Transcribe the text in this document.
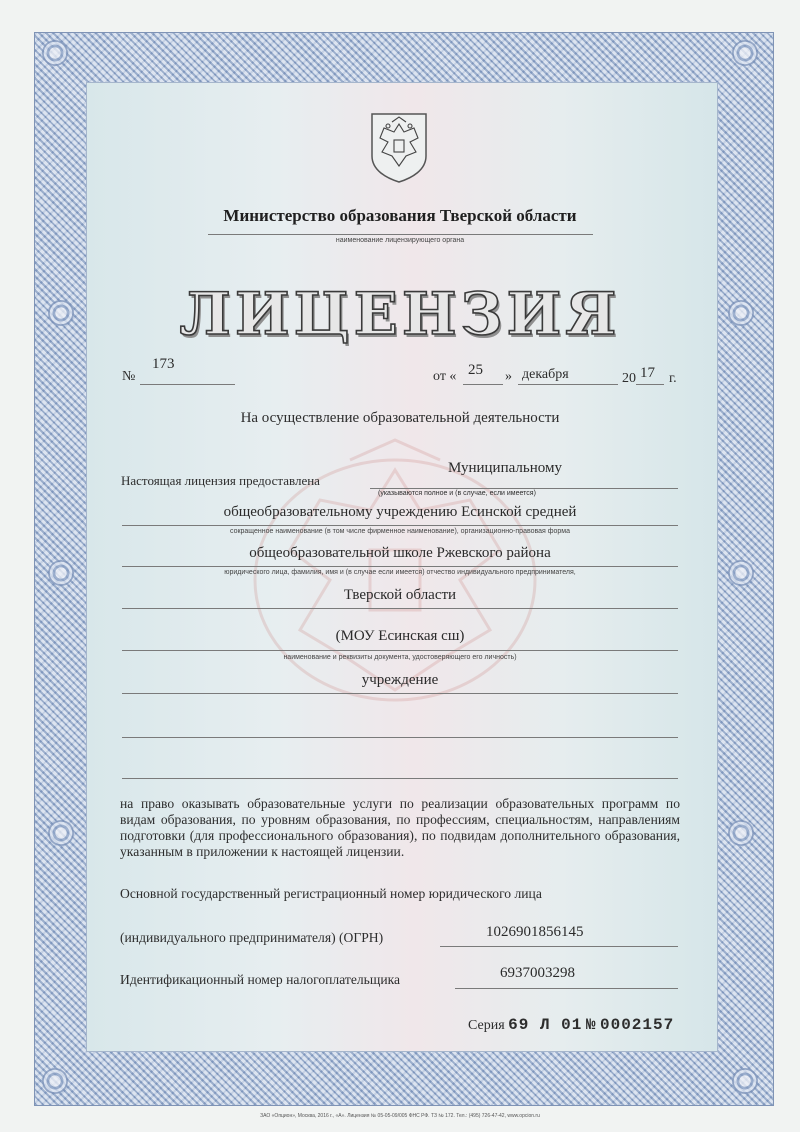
Министерство образования Тверской области
наименование лицензирующего органа
ЛИЦЕНЗИЯ
№
173
от « 25 » декабря	20 17 г.
На осуществление образовательной деятельности
Настоящая лицензия предоставлена
Муниципальному
(указываются полное и (в случае, если имеется)
общеобразовательному учреждению Есинской средней
сокращенное наименование (в том числе фирменное наименование), организационно-правовая форма
общеобразовательной школе Ржевского района
юридического лица, фамилия, имя и (в случае если имеется) отчество индивидуального предпринимателя,
Тверской области
(МОУ Есинская сш)
наименование и реквизиты документа, удостоверяющего его личность)
учреждение
на право оказывать образовательные услуги по реализации образовательных программ по видам образования, по уровням образования, по профессиям, специальностям, направлениям подготовки (для профессионального образования), по подвидам дополнительного образования, указанным в приложении к настоящей лицензии.
Основной государственный регистрационный номер юридического лица
(индивидуального предпринимателя) (ОГРН)	1026901856145
Идентификационный номер налогоплательщика	6937003298
Серия 69 Л 01 № 0002157
ЗАО «Опцион», Москва, 2016 г., «А». Лицензия № 05-05-09/005 ФНС РФ. ТЗ № 172. Тел.: (495) 726-47-42, www.opcion.ru
